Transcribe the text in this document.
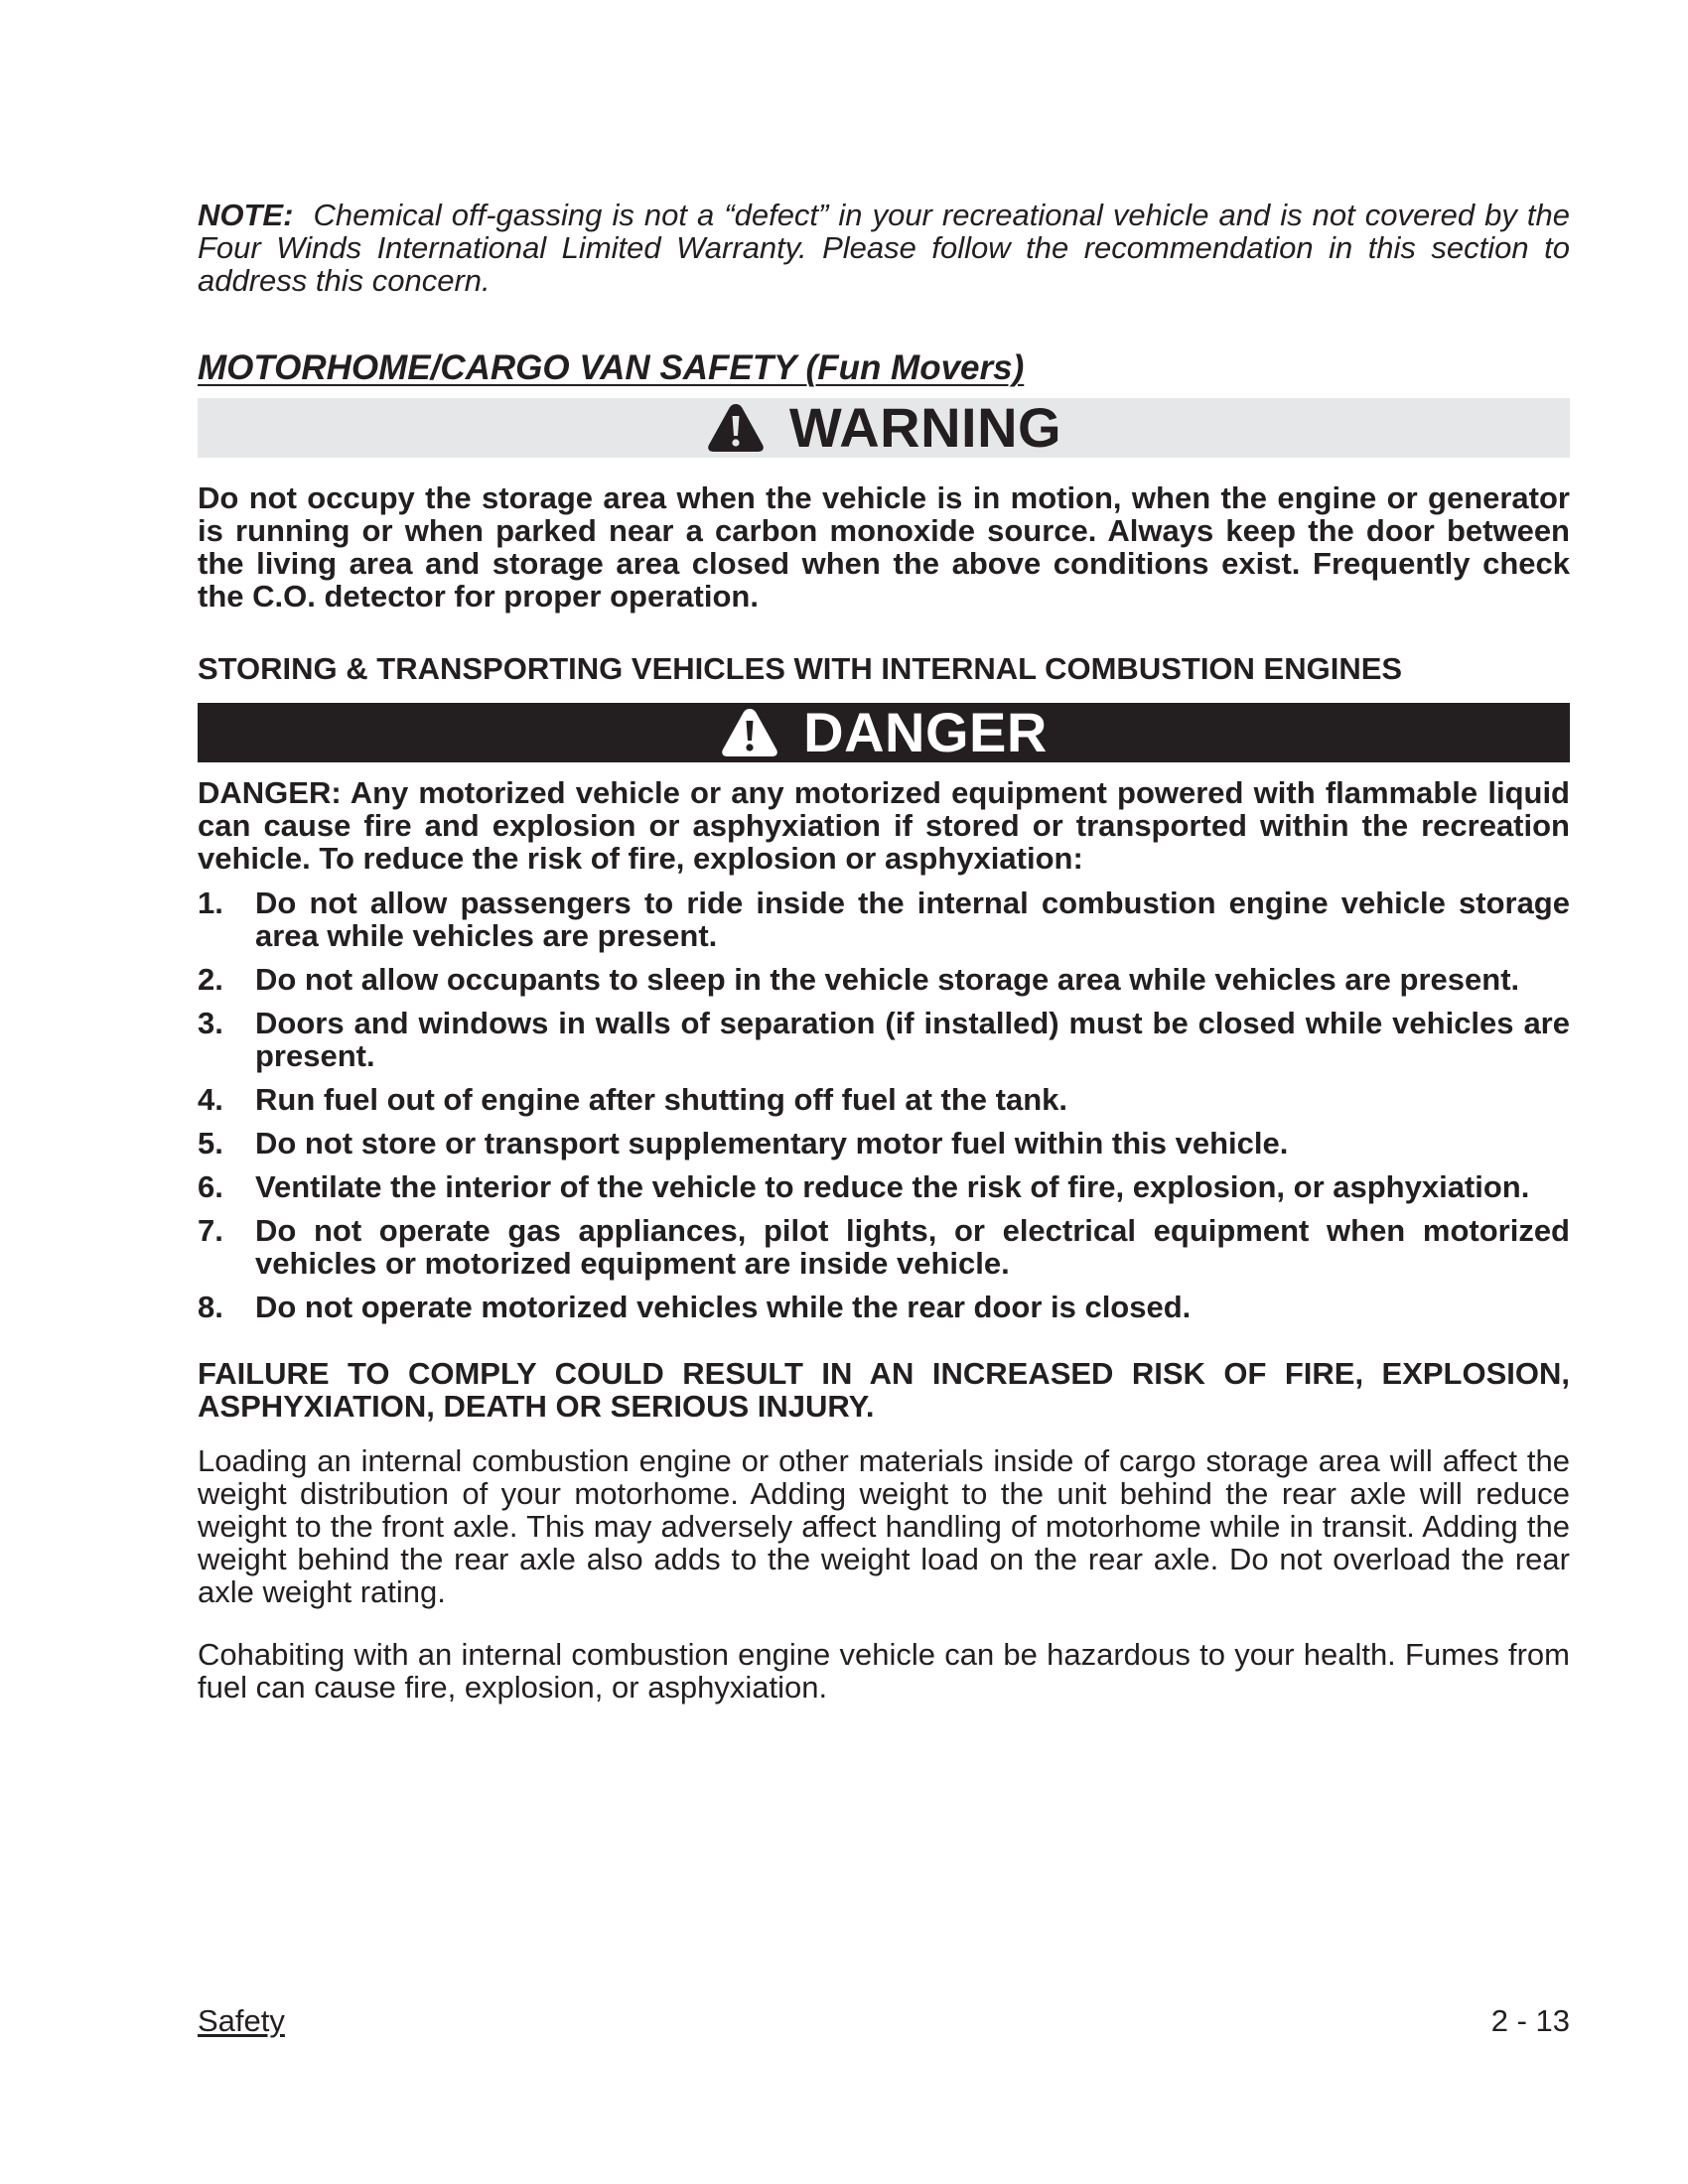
NOTE: Chemical off-gassing is not a “defect” in your recreational vehicle and is not covered by the Four Winds International Limited Warranty. Please follow the recommendation in this section to address this concern.

MOTORHOME/CARGO VAN SAFETY (Fun Movers)
WARNING

Do not occupy the storage area when the vehicle is in motion, when the engine or generator is running or when parked near a carbon monoxide source. Always keep the door between the living area and storage area closed when the above conditions exist. Frequently check the C.O. detector for proper operation.

STORING & TRANSPORTING VEHICLES WITH INTERNAL COMBUSTION ENGINES
DANGER

DANGER: Any motorized vehicle or any motorized equipment powered with flammable liquid can cause fire and explosion or asphyxiation if stored or transported within the recreation vehicle. To reduce the risk of fire, explosion or asphyxiation:

1.	Do not allow passengers to ride inside the internal combustion engine vehicle storage area while vehicles are present.
2.	Do not allow occupants to sleep in the vehicle storage area while vehicles are present.
3.	Doors and windows in walls of separation (if installed) must be closed while vehicles are present.
4.	Run fuel out of engine after shutting off fuel at the tank.
5.	Do not store or transport supplementary motor fuel within this vehicle.
6.	Ventilate the interior of the vehicle to reduce the risk of fire, explosion, or asphyxiation.
7.	Do not operate gas appliances, pilot lights, or electrical equipment when motorized vehicles or motorized equipment are inside vehicle.
8.	Do not operate motorized vehicles while the rear door is closed.

FAILURE TO COMPLY COULD RESULT IN AN INCREASED RISK OF FIRE, EXPLOSION, ASPHYXIATION, DEATH OR SERIOUS INJURY.

Loading an internal combustion engine or other materials inside of cargo storage area will affect the weight distribution of your motorhome. Adding weight to the unit behind the rear axle will reduce weight to the front axle. This may adversely affect handling of motorhome while in transit. Adding the weight behind the rear axle also adds to the weight load on the rear axle. Do not overload the rear axle weight rating.

Cohabiting with an internal combustion engine vehicle can be hazardous to your health. Fumes from fuel can cause fire, explosion, or asphyxiation.

Safety	2 - 13
